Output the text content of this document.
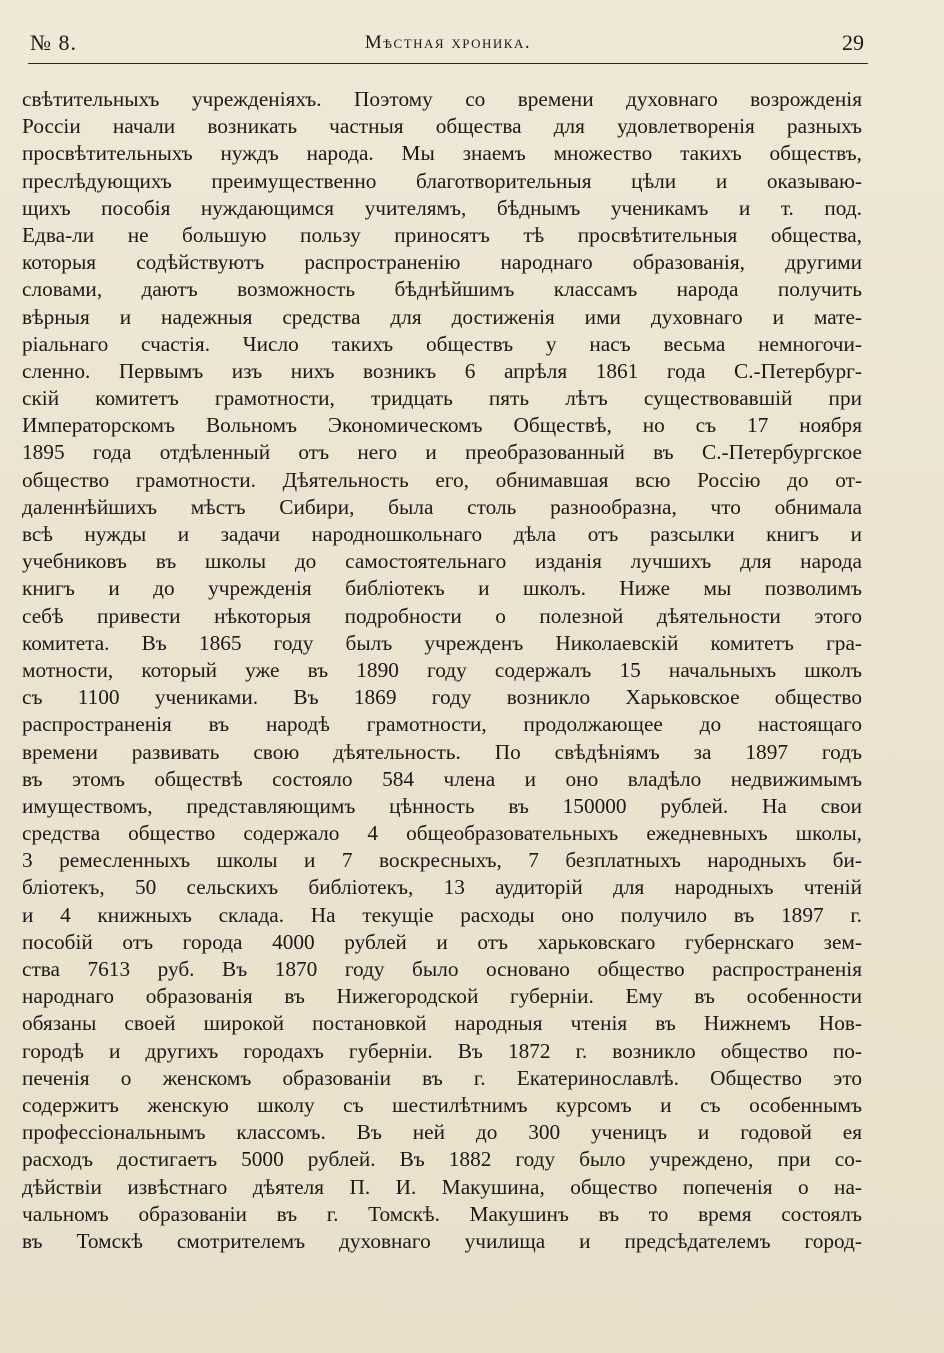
№ 8.	Мѣстная хроника.	29
свѣтительныхъ учрежденiяхъ. Поэтому со времени духовнаго возрожденiя
Россiи начали возникать частныя общества для удовлетворенiя разныхъ
просвѣтительныхъ нуждъ народа. Мы знаемъ множество такихъ обществъ,
преслѣдующихъ преимущественно благотворительныя цѣли и оказываю-
щихъ пособiя нуждающимся учителямъ, бѣднымъ ученикамъ и т. под.
Едва-ли не большую пользу приносятъ тѣ просвѣтительныя общества,
которыя содѣйствуютъ распространенiю народнаго образованiя, другими
словами, даютъ возможность бѣднѣйшимъ классамъ народа получить
вѣрныя и надежныя средства для достиженiя ими духовнаго и мате-
рiальнаго счастiя. Число такихъ обществъ у насъ весьма немногочи-
сленно. Первымъ изъ нихъ возникъ 6 апрѣля 1861 года С.-Петербург-
скiй комитетъ грамотности, тридцать пять лѣтъ существовавшiй при
Императорскомъ Вольномъ Экономическомъ Обществѣ, но съ 17 ноября
1895 года отдѣленный отъ него и преобразованный въ С.-Петербургское
общество грамотности. Дѣятельность его, обнимавшая всю Россiю до от-
даленнѣйшихъ мѣстъ Сибири, была столь разнообразна, что обнимала
всѣ нужды и задачи народношкольнаго дѣла отъ разсылки книгъ и
учебниковъ въ школы до самостоятельнаго изданiя лучшихъ для народа
книгъ и до учрежденiя библiотекъ и школъ. Ниже мы позволимъ
себѣ привести нѣкоторыя подробности о полезной дѣятельности этого
комитета. Въ 1865 году былъ учрежденъ Николаевскiй комитетъ гра-
мотности, который уже въ 1890 году содержалъ 15 начальныхъ школъ
съ 1100 учениками. Въ 1869 году возникло Харьковское общество
распространенiя въ народѣ грамотности, продолжающее до настоящаго
времени развивать свою дѣятельность. По свѣдѣнiямъ за 1897 годъ
въ этомъ обществѣ состояло 584 члена и оно владѣло недвижимымъ
имуществомъ, представляющимъ цѣнность въ 150000 рублей. На свои
средства общество содержало 4 общеобразовательныхъ ежедневныхъ школы,
3 ремесленныхъ школы и 7 воскресныхъ, 7 безплатныхъ народныхъ би-
блiотекъ, 50 сельскихъ библiотекъ, 13 аудиторiй для народныхъ чтенiй
и 4 книжныхъ склада. На текущiе расходы оно получило въ 1897 г.
пособiй отъ города 4000 рублей и отъ харьковскаго губернскаго зем-
ства 7613 руб. Въ 1870 году было основано общество распространенiя
народнаго образованiя въ Нижегородской губернiи. Ему въ особенности
обязаны своей широкой постановкой народныя чтенiя въ Нижнемъ Нов-
городѣ и другихъ городахъ губернiи. Въ 1872 г. возникло общество по-
печенiя о женскомъ образованiи въ г. Екатеринославлѣ. Общество это
содержитъ женскую школу съ шестилѣтнимъ курсомъ и съ особеннымъ
профессiональнымъ классомъ. Въ ней до 300 ученицъ и годовой ея
расходъ достигаетъ 5000 рублей. Въ 1882 году было учреждено, при со-
дѣйствiи извѣстнаго дѣятеля П. И. Макушина, общество попеченiя о на-
чальномъ образованiи въ г. Томскѣ. Макушинъ въ то время состоялъ
въ Томскѣ смотрителемъ духовнаго училища и предсѣдателемъ город-
